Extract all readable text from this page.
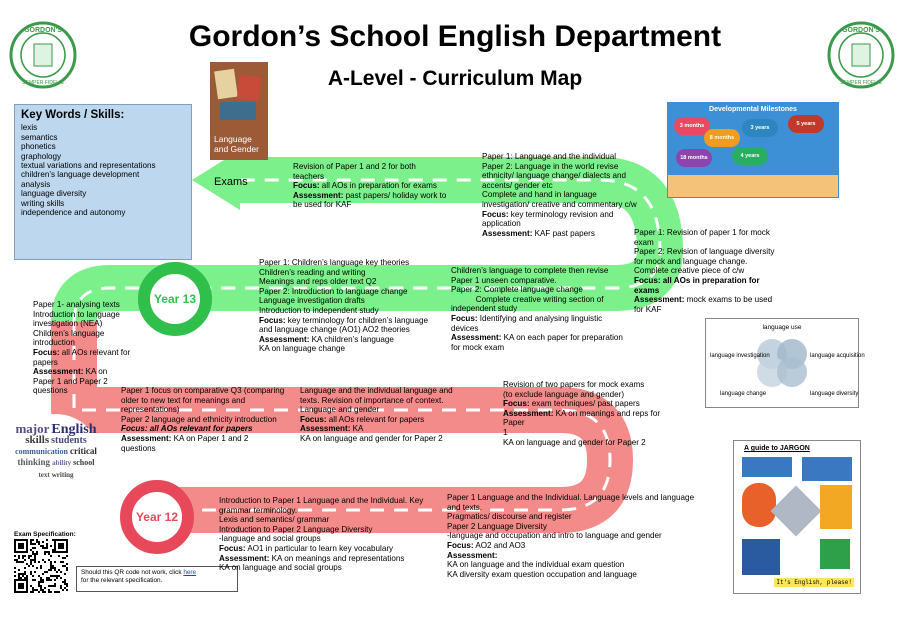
Exams
Gordon’s School English Department
A-Level - Curriculum Map
GORDON'S
SEMPER FIDELIS
GORDON'S
SEMPER FIDELIS
Key Words / Skills:
lexis
semantics
phonetics
graphology
textual variations and representations
children’s language development
analysis
language diversity
writing skills
independence and autonomy
Language and Gender
Developmental Milestones
3 months
8 months
18 months
3 years
4 years
5 years
language use
language investigation	language acquisition
language change	language diversity
major Englishskills studentscommunication criticalthinking ability schooltext writing
A guide to JARGON
It's English, please!
Exam Specification:
Should this QR code not work, click here
for the relevant specification.
Year 13
Year 12
Revision of Paper 1 and 2 for both
teachers
Focus: all AOs in preparation for exams
Assessment: past papers/ holiday work to
be used for KAF
Paper 1: Language and the individual
Paper 2: Language in the world revise
ethnicity/ language change/ dialects and
accents/ gender etc
Complete and hand in language
investigation/ creative and commentary c/w
Focus: key terminology revision and
application
Assessment: KAF past papers	Paper 1: Revision of paper 1 for mock
exam
Paper 2: Revision of language diversity
for mock and language change.
Complete creative piece of c/w
Focus: all AOs in preparation for
exams
Assessment: mock exams to be used
for KAF
Paper 1: Children’s language key theories
Children’s reading and writing
Meanings and reps older text Q2
Paper 2: Introduction to language change
Language investigation drafts
Introduction to independent study
Focus: key terminology for children’s language
and language change (AO1) AO2 theories
Assessment: KA children’s language
KA on language change
Children’s language to complete then revise
Paper 1 unseen comparative.
Paper 2: Complete language change
Complete creative writing section of
independent study
Focus: Identifying and analysing linguistic
devices
Assessment: KA on each paper for preparation
for mock exam
Paper 1- analysing texts
Introduction to language
investigation (NEA)
Children’s language
introduction
Focus: all AOs relevant for
papers
Assessment: KA on
Paper 1 and Paper 2
questions	Paper 1 focus on comparative Q3 (comparing
older to new text for meanings and
representations)
Paper 2 language and ethnicity introduction
Focus: all AOs relevant for papers
Assessment: KA on Paper 1 and 2
questions
Language and the individual language and
texts. Revision of importance of context.
Language and gender
Focus: all AOs relevant for papers
Assessment: KA
KA on language and gender for Paper 2
Revision of two papers for mock exams
(to exclude language and gender)
Focus: exam techniques/ past papers
Assessment: KA on meanings and reps for Paper
1
KA on language and gender for Paper 2
Introduction to Paper 1 Language and the Individual. Key
grammar terminology.
Lexis and semantics/ grammar
Introduction to Paper 2 Language Diversity
-language and social groups
Focus: AO1 in particular to learn key vocabulary
Assessment: KA on meanings and representations
KA on language and social groups
Paper 1 Language and the Individual. Language levels and language
and texts.
Pragmatics/ discourse and register
Paper 2 Language Diversity
-language and occupation and intro to language and gender
Focus: AO2 and AO3
Assessment:
KA on language and the individual exam question
KA diversity exam question occupation and language
